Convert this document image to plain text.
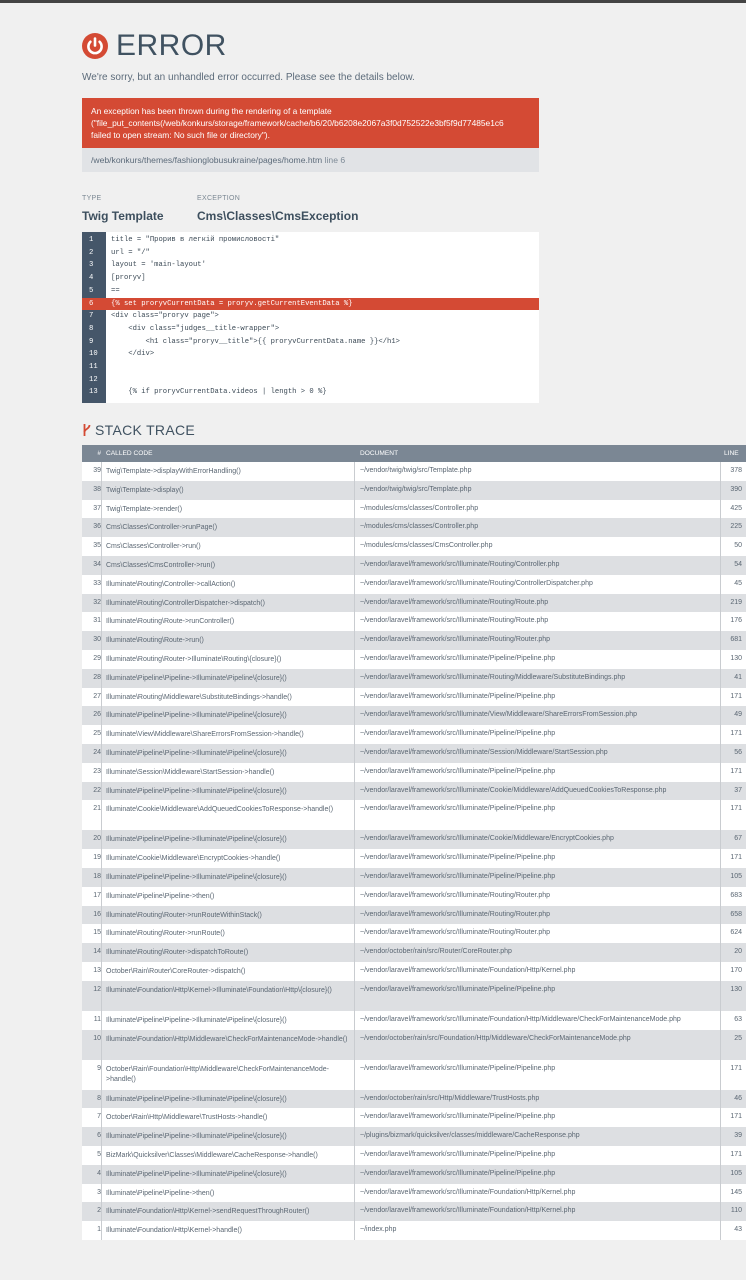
ERROR
We're sorry, but an unhandled error occurred. Please see the details below.
An exception has been thrown during the rendering of a template
("file_put_contents(/web/konkurs/storage/framework/cache/b6/20/b6208e2067a3f0d752522e3bf5f9d77485e1c6
failed to open stream: No such file or directory").
/web/konkurs/themes/fashionglobusukraine/pages/home.htm line 6
TYPE
Twig Template
EXCEPTION
Cms\Classes\CmsException
1	title = "Прорив в легкій промисловості"
2	url = "/"
3	layout = 'main-layout'
4	[proryv]
5	==
6	{% set proryvCurrentData = proryv.getCurrentEventData %}
7	<div class="proryv page">
8	<div class="judges__title-wrapper">
9	<h1 class="proryv__title">{{ proryvCurrentData.name }}</h1>
10	</div>
11
12
13	{% if proryvCurrentData.videos | length > 0 %}
STACK TRACE
# CALLED CODE	DOCUMENT	LINE
39 Twig\Template->displayWithErrorHandling()	~/vendor/twig/twig/src/Template.php	378
38 Twig\Template->display()	~/vendor/twig/twig/src/Template.php	390
37 Twig\Template->render()	~/modules/cms/classes/Controller.php	425
36 Cms\Classes\Controller->runPage()	~/modules/cms/classes/Controller.php	225
35 Cms\Classes\Controller->run()	~/modules/cms/classes/CmsController.php	50
34 Cms\Classes\CmsController->run()	~/vendor/laravel/framework/src/Illuminate/Routing/Controller.php	54
33 Illuminate\Routing\Controller->callAction()	~/vendor/laravel/framework/src/Illuminate/Routing/ControllerDispatcher.php	45
32 Illuminate\Routing\ControllerDispatcher->dispatch()	~/vendor/laravel/framework/src/Illuminate/Routing/Route.php	219
31 Illuminate\Routing\Route->runController()	~/vendor/laravel/framework/src/Illuminate/Routing/Route.php	176
30 Illuminate\Routing\Route->run()	~/vendor/laravel/framework/src/Illuminate/Routing/Router.php	681
29 Illuminate\Routing\Router->Illuminate\Routing\{closure}()	~/vendor/laravel/framework/src/Illuminate/Pipeline/Pipeline.php	130
28 Illuminate\Pipeline\Pipeline->Illuminate\Pipeline\{closure}()	~/vendor/laravel/framework/src/Illuminate/Routing/Middleware/SubstituteBindings.php	41
27 Illuminate\Routing\Middleware\SubstituteBindings->handle()	~/vendor/laravel/framework/src/Illuminate/Pipeline/Pipeline.php	171
26 Illuminate\Pipeline\Pipeline->Illuminate\Pipeline\{closure}()	~/vendor/laravel/framework/src/Illuminate/View/Middleware/ShareErrorsFromSession.php	49
25 Illuminate\View\Middleware\ShareErrorsFromSession->handle()	~/vendor/laravel/framework/src/Illuminate/Pipeline/Pipeline.php	171
24 Illuminate\Pipeline\Pipeline->Illuminate\Pipeline\{closure}()	~/vendor/laravel/framework/src/Illuminate/Session/Middleware/StartSession.php	56
23 Illuminate\Session\Middleware\StartSession->handle()	~/vendor/laravel/framework/src/Illuminate/Pipeline/Pipeline.php	171
22 Illuminate\Pipeline\Pipeline->Illuminate\Pipeline\{closure}()	~/vendor/laravel/framework/src/Illuminate/Cookie/Middleware/AddQueuedCookiesToResponse.php	37
21 Illuminate\Cookie\Middleware\AddQueuedCookiesToResponse->handle()	~/vendor/laravel/framework/src/Illuminate/Pipeline/Pipeline.php	171
20 Illuminate\Pipeline\Pipeline->Illuminate\Pipeline\{closure}()	~/vendor/laravel/framework/src/Illuminate/Cookie/Middleware/EncryptCookies.php	67
19 Illuminate\Cookie\Middleware\EncryptCookies->handle()	~/vendor/laravel/framework/src/Illuminate/Pipeline/Pipeline.php	171
18 Illuminate\Pipeline\Pipeline->Illuminate\Pipeline\{closure}()	~/vendor/laravel/framework/src/Illuminate/Pipeline/Pipeline.php	105
17 Illuminate\Pipeline\Pipeline->then()	~/vendor/laravel/framework/src/Illuminate/Routing/Router.php	683
16 Illuminate\Routing\Router->runRouteWithinStack()	~/vendor/laravel/framework/src/Illuminate/Routing/Router.php	658
15 Illuminate\Routing\Router->runRoute()	~/vendor/laravel/framework/src/Illuminate/Routing/Router.php	624
14 Illuminate\Routing\Router->dispatchToRoute()	~/vendor/october/rain/src/Router/CoreRouter.php	20
13 October\Rain\Router\CoreRouter->dispatch()	~/vendor/laravel/framework/src/Illuminate/Foundation/Http/Kernel.php	170
12 Illuminate\Foundation\Http\Kernel->Illuminate\Foundation\Http\{closure}()	~/vendor/laravel/framework/src/Illuminate/Pipeline/Pipeline.php	130
11 Illuminate\Pipeline\Pipeline->Illuminate\Pipeline\{closure}()	~/vendor/laravel/framework/src/Illuminate/Foundation/Http/Middleware/CheckForMaintenanceMode.php	63
10 Illuminate\Foundation\Http\Middleware\CheckForMaintenanceMode->handle()	~/vendor/october/rain/src/Foundation/Http/Middleware/CheckForMaintenanceMode.php	25
9 October\Rain\Foundation\Http\Middleware\CheckForMaintenanceMode->handle()
~/vendor/laravel/framework/src/Illuminate/Pipeline/Pipeline.php	171
8 Illuminate\Pipeline\Pipeline->Illuminate\Pipeline\{closure}()	~/vendor/october/rain/src/Http/Middleware/TrustHosts.php	46
7 October\Rain\Http\Middleware\TrustHosts->handle()	~/vendor/laravel/framework/src/Illuminate/Pipeline/Pipeline.php	171
6 Illuminate\Pipeline\Pipeline->Illuminate\Pipeline\{closure}()	~/plugins/bizmark/quicksilver/classes/middleware/CacheResponse.php	39
5 BizMark\Quicksilver\Classes\Middleware\CacheResponse->handle()	~/vendor/laravel/framework/src/Illuminate/Pipeline/Pipeline.php	171
4 Illuminate\Pipeline\Pipeline->Illuminate\Pipeline\{closure}()	~/vendor/laravel/framework/src/Illuminate/Pipeline/Pipeline.php	105
3 Illuminate\Pipeline\Pipeline->then()	~/vendor/laravel/framework/src/Illuminate/Foundation/Http/Kernel.php	145
2 Illuminate\Foundation\Http\Kernel->sendRequestThroughRouter()	~/vendor/laravel/framework/src/Illuminate/Foundation/Http/Kernel.php	110
1 Illuminate\Foundation\Http\Kernel->handle()	~/index.php	43
